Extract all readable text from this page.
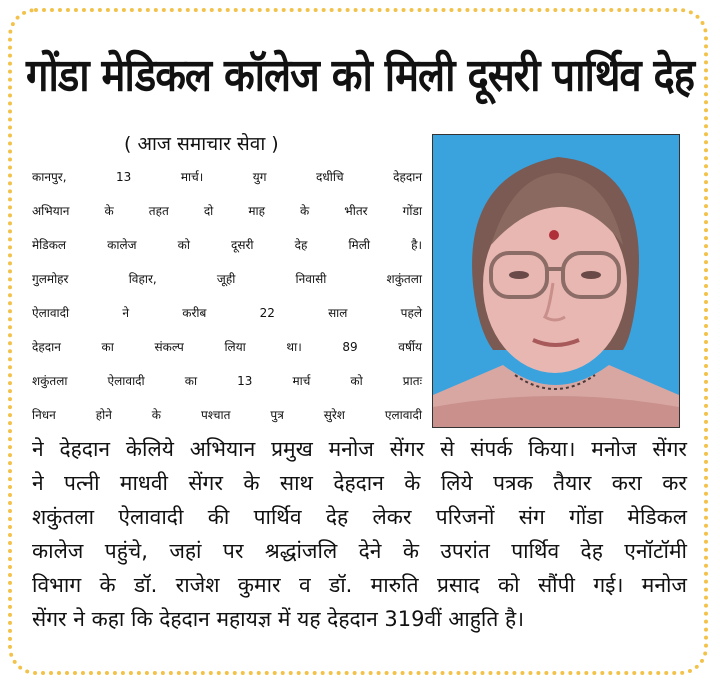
गोंडा मेडिकल कॉलेज को मिली दूसरी पार्थिव देह
( आज समाचार सेवा )
कानपुर, 13 मार्च। युग दधीचि देहदान
अभियान के तहत दो माह के भीतर गोंडा
मेडिकल कालेज को दूसरी देह मिली है।
गुलमोहर विहार, जूही निवासी शकुंतला
ऐलावादी ने करीब 22 साल पहले
देहदान का संकल्प लिया था। 89 वर्षीय
शकुंतला ऐलावादी का 13 मार्च को प्रातः
निधन होने के पश्चात पुत्र सुरेश एलावादी
ने देहदान केलिये अभियान प्रमुख मनोज सेंगर से संपर्क किया। मनोज सेंगर
ने पत्नी माधवी सेंगर के साथ देहदान के लिये पत्रक तैयार करा कर
शकुंतला ऐलावादी की पार्थिव देह लेकर परिजनों संग गोंडा मेडिकल
कालेज पहुंचे, जहां पर श्रद्धांजलि देने के उपरांत पार्थिव देह एनॉटॉमी
विभाग के डॉ. राजेश कुमार व डॉ. मारुति प्रसाद को सौंपी गई। मनोज
सेंगर ने कहा कि देहदान महायज्ञ में यह देहदान 319वीं आहुति है।
